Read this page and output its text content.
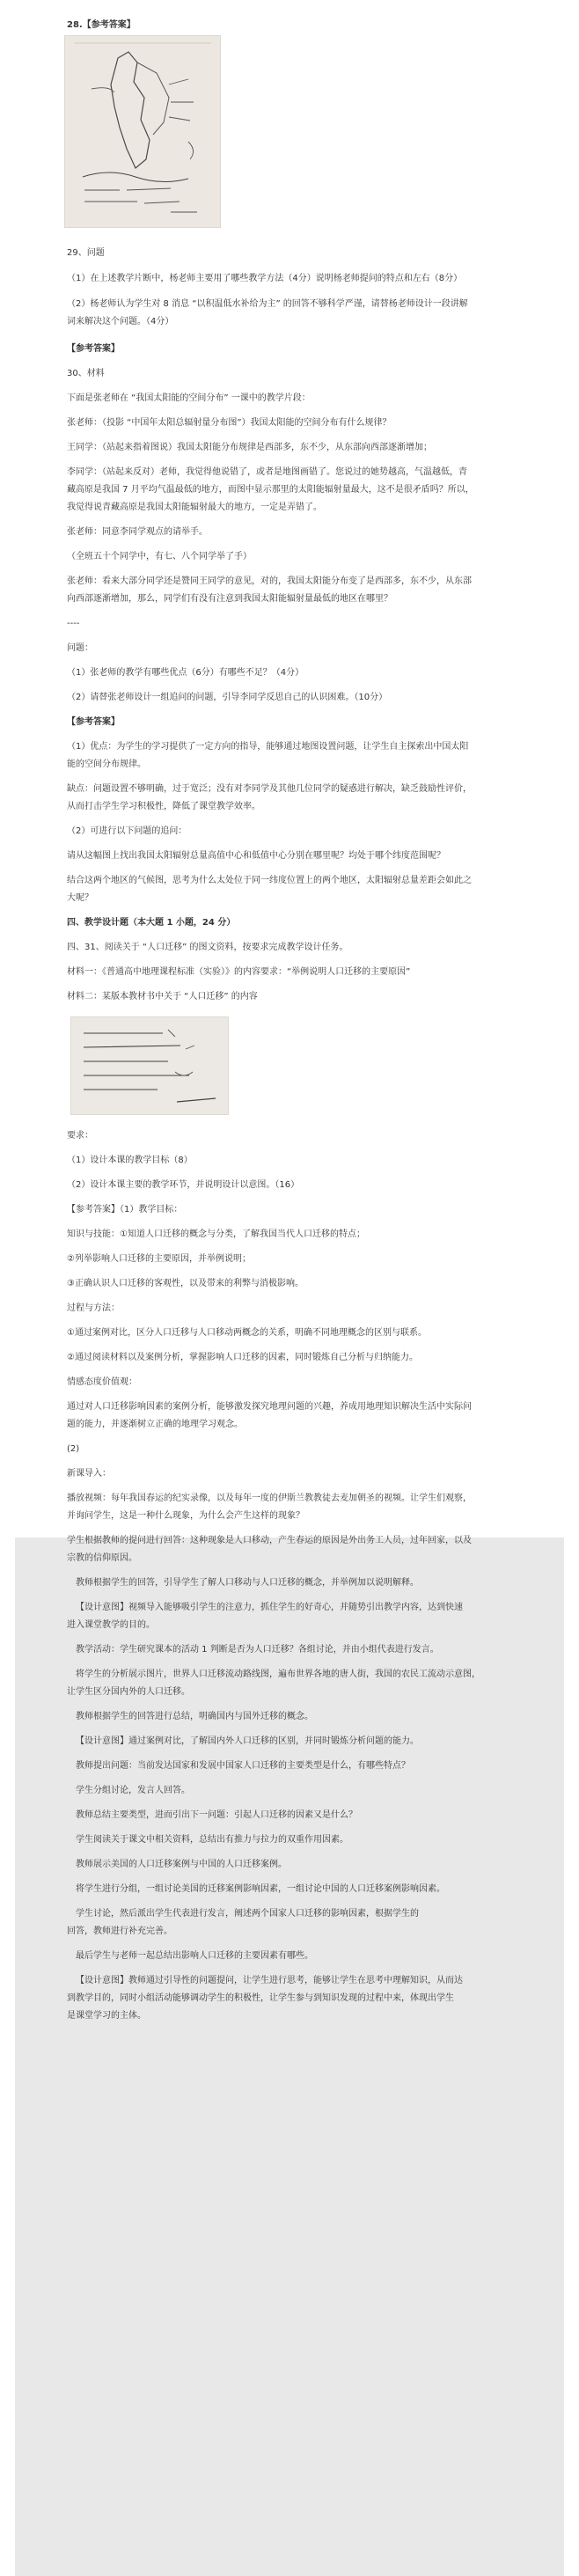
28.【参考答案】

29、问题

（1）在上述教学片断中，杨老师主要用了哪些教学方法（4分）说明杨老师提问的特点和左右（8分）

（2）杨老师认为学生对 8 消息 “以积温低水补给为主” 的回答不够科学严谨，请替杨老师设计一段讲解

词来解决这个问题。（4分）

【参考答案】

30、材料

下面是张老师在 “我国太阳能的空间分布” 一课中的教学片段：

张老师：（投影 “中国年太阳总辐射量分布图”）我国太阳能的空间分布有什么规律？

王同学：（站起来指着图说）我国太阳能分布规律是西部多，东不少，从东部向西部逐渐增加；

李同学：（站起来反对）老师，我觉得他说错了，或者是地图画错了。您说过的她势越高，气温越低，青

藏高原是我国 7 月平均气温最低的地方，而图中显示那里的太阳能辐射量最大，这不是很矛盾吗？所以，

我觉得说青藏高原是我国太阳能辐射最大的地方，一定是弄错了。

张老师：同意李同学观点的请举手。

（全班五十个同学中，有七、八个同学举了手）

张老师：看来大部分同学还是赞同王同学的意见，对的，我国太阳能分布变了是西部多，东不少，从东部

向西部逐渐增加，那么，同学们有没有注意到我国太阳能辐射量最低的地区在哪里？

----

问题：

（1）张老师的教学有哪些优点（6分）有哪些不足？（4分）

（2）请替张老师设计一组追问的问题，引导李同学反思自己的认识困难。（10分）

【参考答案】

（1）优点：为学生的学习提供了一定方向的指导，能够通过地图设置问题，让学生自主探索出中国太阳

能的空间分布规律。

缺点：问题设置不够明确，过于宽泛；没有对李同学及其他几位同学的疑惑进行解决，缺乏鼓励性评价，

从而打击学生学习积极性，降低了课堂教学效率。

（2）可进行以下问题的追问：

请从这幅图上找出我国太阳辐射总量高值中心和低值中心分别在哪里呢？均处于哪个纬度范围呢？

结合这两个地区的气候图，思考为什么太处位于同一纬度位置上的两个地区，太阳辐射总量差距会如此之

大呢？

四、教学设计题（本大题 1 小题，24 分）

四、31、阅读关于 “人口迁移” 的图文资料，按要求完成教学设计任务。

材料一：《普通高中地理课程标准（实验）》的内容要求：“举例说明人口迁移的主要原因”

材料二：某版本教材书中关于 “人口迁移” 的内容

要求：

（1）设计本课的教学目标（8）

（2）设计本课主要的教学环节，并说明设计以意图。（16）

【参考答案】（1）教学目标：

知识与技能：①知道人口迁移的概念与分类，了解我国当代人口迁移的特点；

②列举影响人口迁移的主要原因，并举例说明；

③正确认识人口迁移的客观性，以及带来的利弊与消极影响。

过程与方法：

①通过案例对比，区分人口迁移与人口移动两概念的关系，明确不同地理概念的区别与联系。

②通过阅读材料以及案例分析，掌握影响人口迁移的因素，同时锻炼自己分析与归纳能力。

情感态度价值观：

通过对人口迁移影响因素的案例分析，能够激发探究地理问题的兴趣，养成用地理知识解决生活中实际问

题的能力，并逐渐树立正确的地理学习观念。

(2)

新课导入：

播放视频：每年我国春运的纪实录像，以及每年一度的伊斯兰教教徒去麦加朝圣的视频。让学生们观察，

并询问学生，这是一种什么现象，为什么会产生这样的现象？

学生根据教师的提问进行回答：这种现象是人口移动，产生春运的原因是外出务工人员，过年回家，以及

宗教的信仰原因。

教师根据学生的回答，引导学生了解人口移动与人口迁移的概念，并举例加以说明解释。

【设计意图】视频导入能够吸引学生的注意力，抓住学生的好奇心，并随势引出教学内容，达到快速

进入课堂教学的目的。

教学活动：学生研究课本的活动 1 判断是否为人口迁移？各组讨论，并由小组代表进行发言。

将学生的分析展示图片，世界人口迁移流动路线图，遍布世界各地的唐人街，我国的农民工流动示意图，

让学生区分国内外的人口迁移。

教师根据学生的回答进行总结，明确国内与国外迁移的概念。

【设计意图】通过案例对比，了解国内外人口迁移的区别，并同时锻炼分析问题的能力。

教师提出问题：当前发达国家和发展中国家人口迁移的主要类型是什么，有哪些特点？

学生分组讨论，发言人回答。

教师总结主要类型，进而引出下一问题：引起人口迁移的因素又是什么？

学生阅读关于课文中相关资料，总结出有推力与拉力的双重作用因素。

教师展示美国的人口迁移案例与中国的人口迁移案例。

将学生进行分组，一组讨论美国的迁移案例影响因素，一组讨论中国的人口迁移案例影响因素。

学生讨论，然后派出学生代表进行发言，阐述两个国家人口迁移的影响因素，根据学生的

回答，教师进行补充完善。

最后学生与老师一起总结出影响人口迁移的主要因素有哪些。

【设计意图】教师通过引导性的问题提问，让学生进行思考，能够让学生在思考中理解知识，从而达

到教学目的，同时小组活动能够调动学生的积极性，让学生参与到知识发现的过程中来，体现出学生

是课堂学习的主体。
